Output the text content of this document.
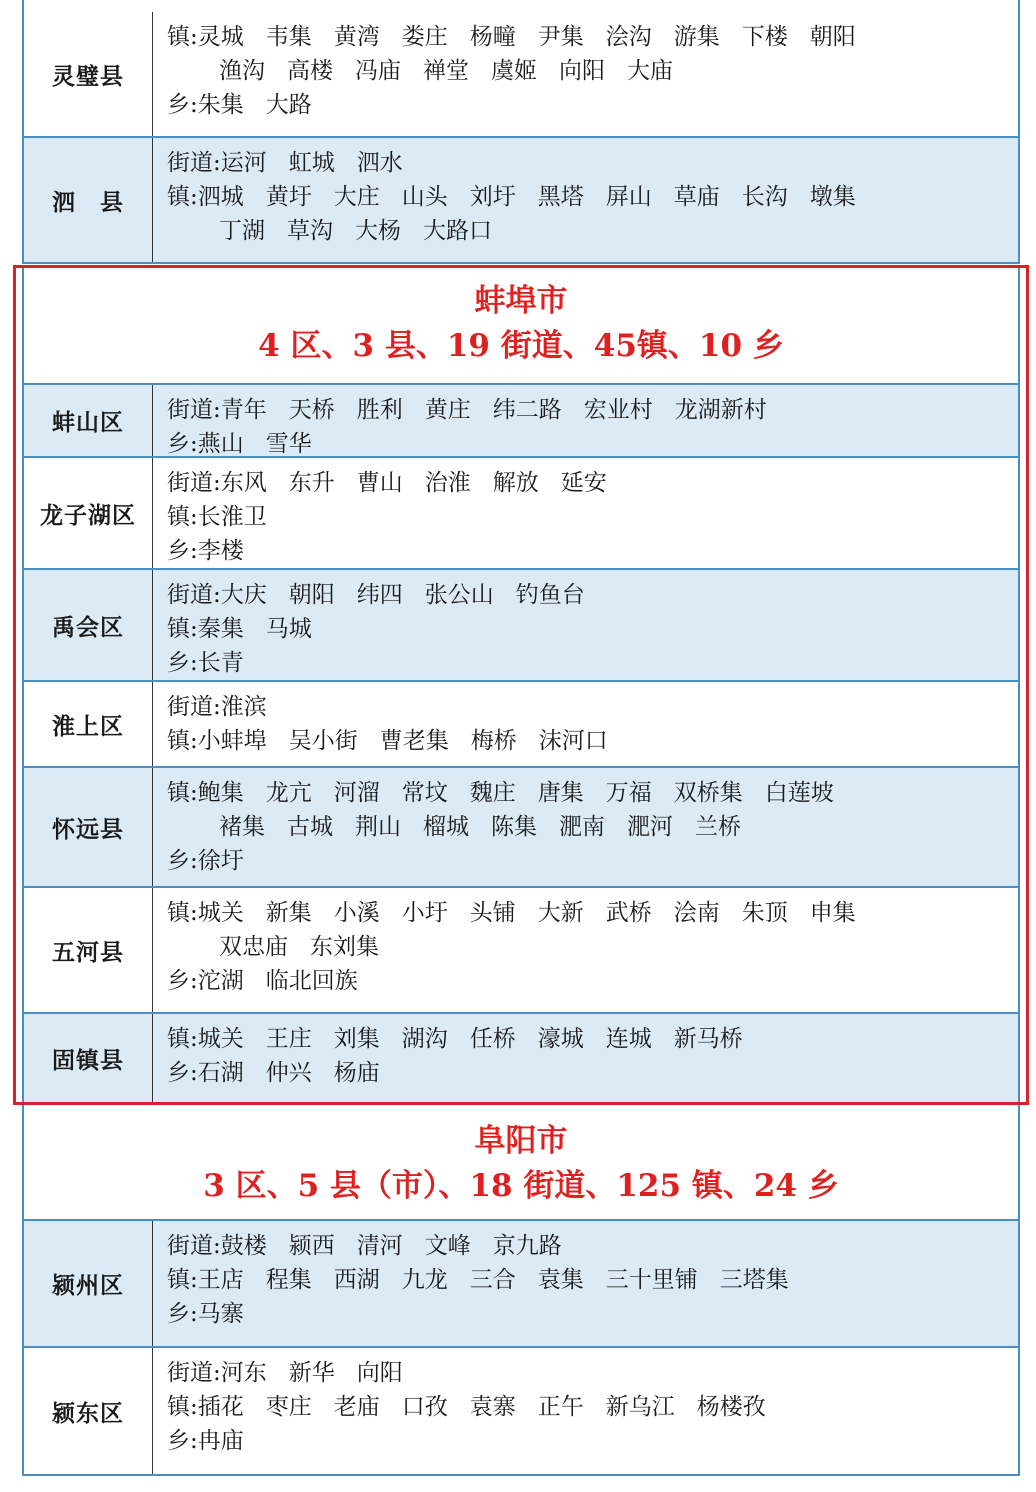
灵璧县
镇: 灵城 韦集 黄湾 娄庄 杨疃 尹集 浍沟 游集 下楼 朝阳
渔沟 高楼 冯庙 禅堂 虞姬 向阳 大庙
乡: 朱集 大路
泗　县
街道: 运河 虹城 泗水
镇: 泗城 黄圩 大庄 山头 刘圩 黑塔 屏山 草庙 长沟 墩集
丁湖 草沟 大杨 大路口
蚌埠市
4 区、3 县、19 街道、45镇、10 乡
蚌山区	街道: 青年 天桥 胜利 黄庄 纬二路 宏业村 龙湖新村
乡: 燕山 雪华
龙子湖区
街道: 东风 东升 曹山 治淮 解放 延安
镇: 长淮卫
乡: 李楼
禹会区
街道: 大庆 朝阳 纬四 张公山 钓鱼台
镇: 秦集 马城
乡: 长青
淮上区
街道: 淮滨
镇: 小蚌埠 吴小街 曹老集 梅桥 沫河口
怀远县
镇: 鲍集 龙亢 河溜 常坟 魏庄 唐集 万福 双桥集 白莲坡
褚集 古城 荆山 榴城 陈集 淝南 淝河 兰桥
乡: 徐圩
五河县
镇: 城关 新集 小溪 小圩 头铺 大新 武桥 浍南 朱顶 申集
双忠庙 东刘集
乡: 沱湖 临北回族
固镇县
镇: 城关 王庄 刘集 湖沟 任桥 濠城 连城 新马桥
乡: 石湖 仲兴 杨庙
阜阳市
3 区、5 县（市）、18 街道、125 镇、24 乡
颍州区
街道: 鼓楼 颍西 清河 文峰 京九路
镇: 王店 程集 西湖 九龙 三合 袁集 三十里铺 三塔集
乡: 马寨
颍东区
街道: 河东 新华 向阳
镇: 插花 枣庄 老庙 口孜 袁寨 正午 新乌江 杨楼孜
乡: 冉庙
